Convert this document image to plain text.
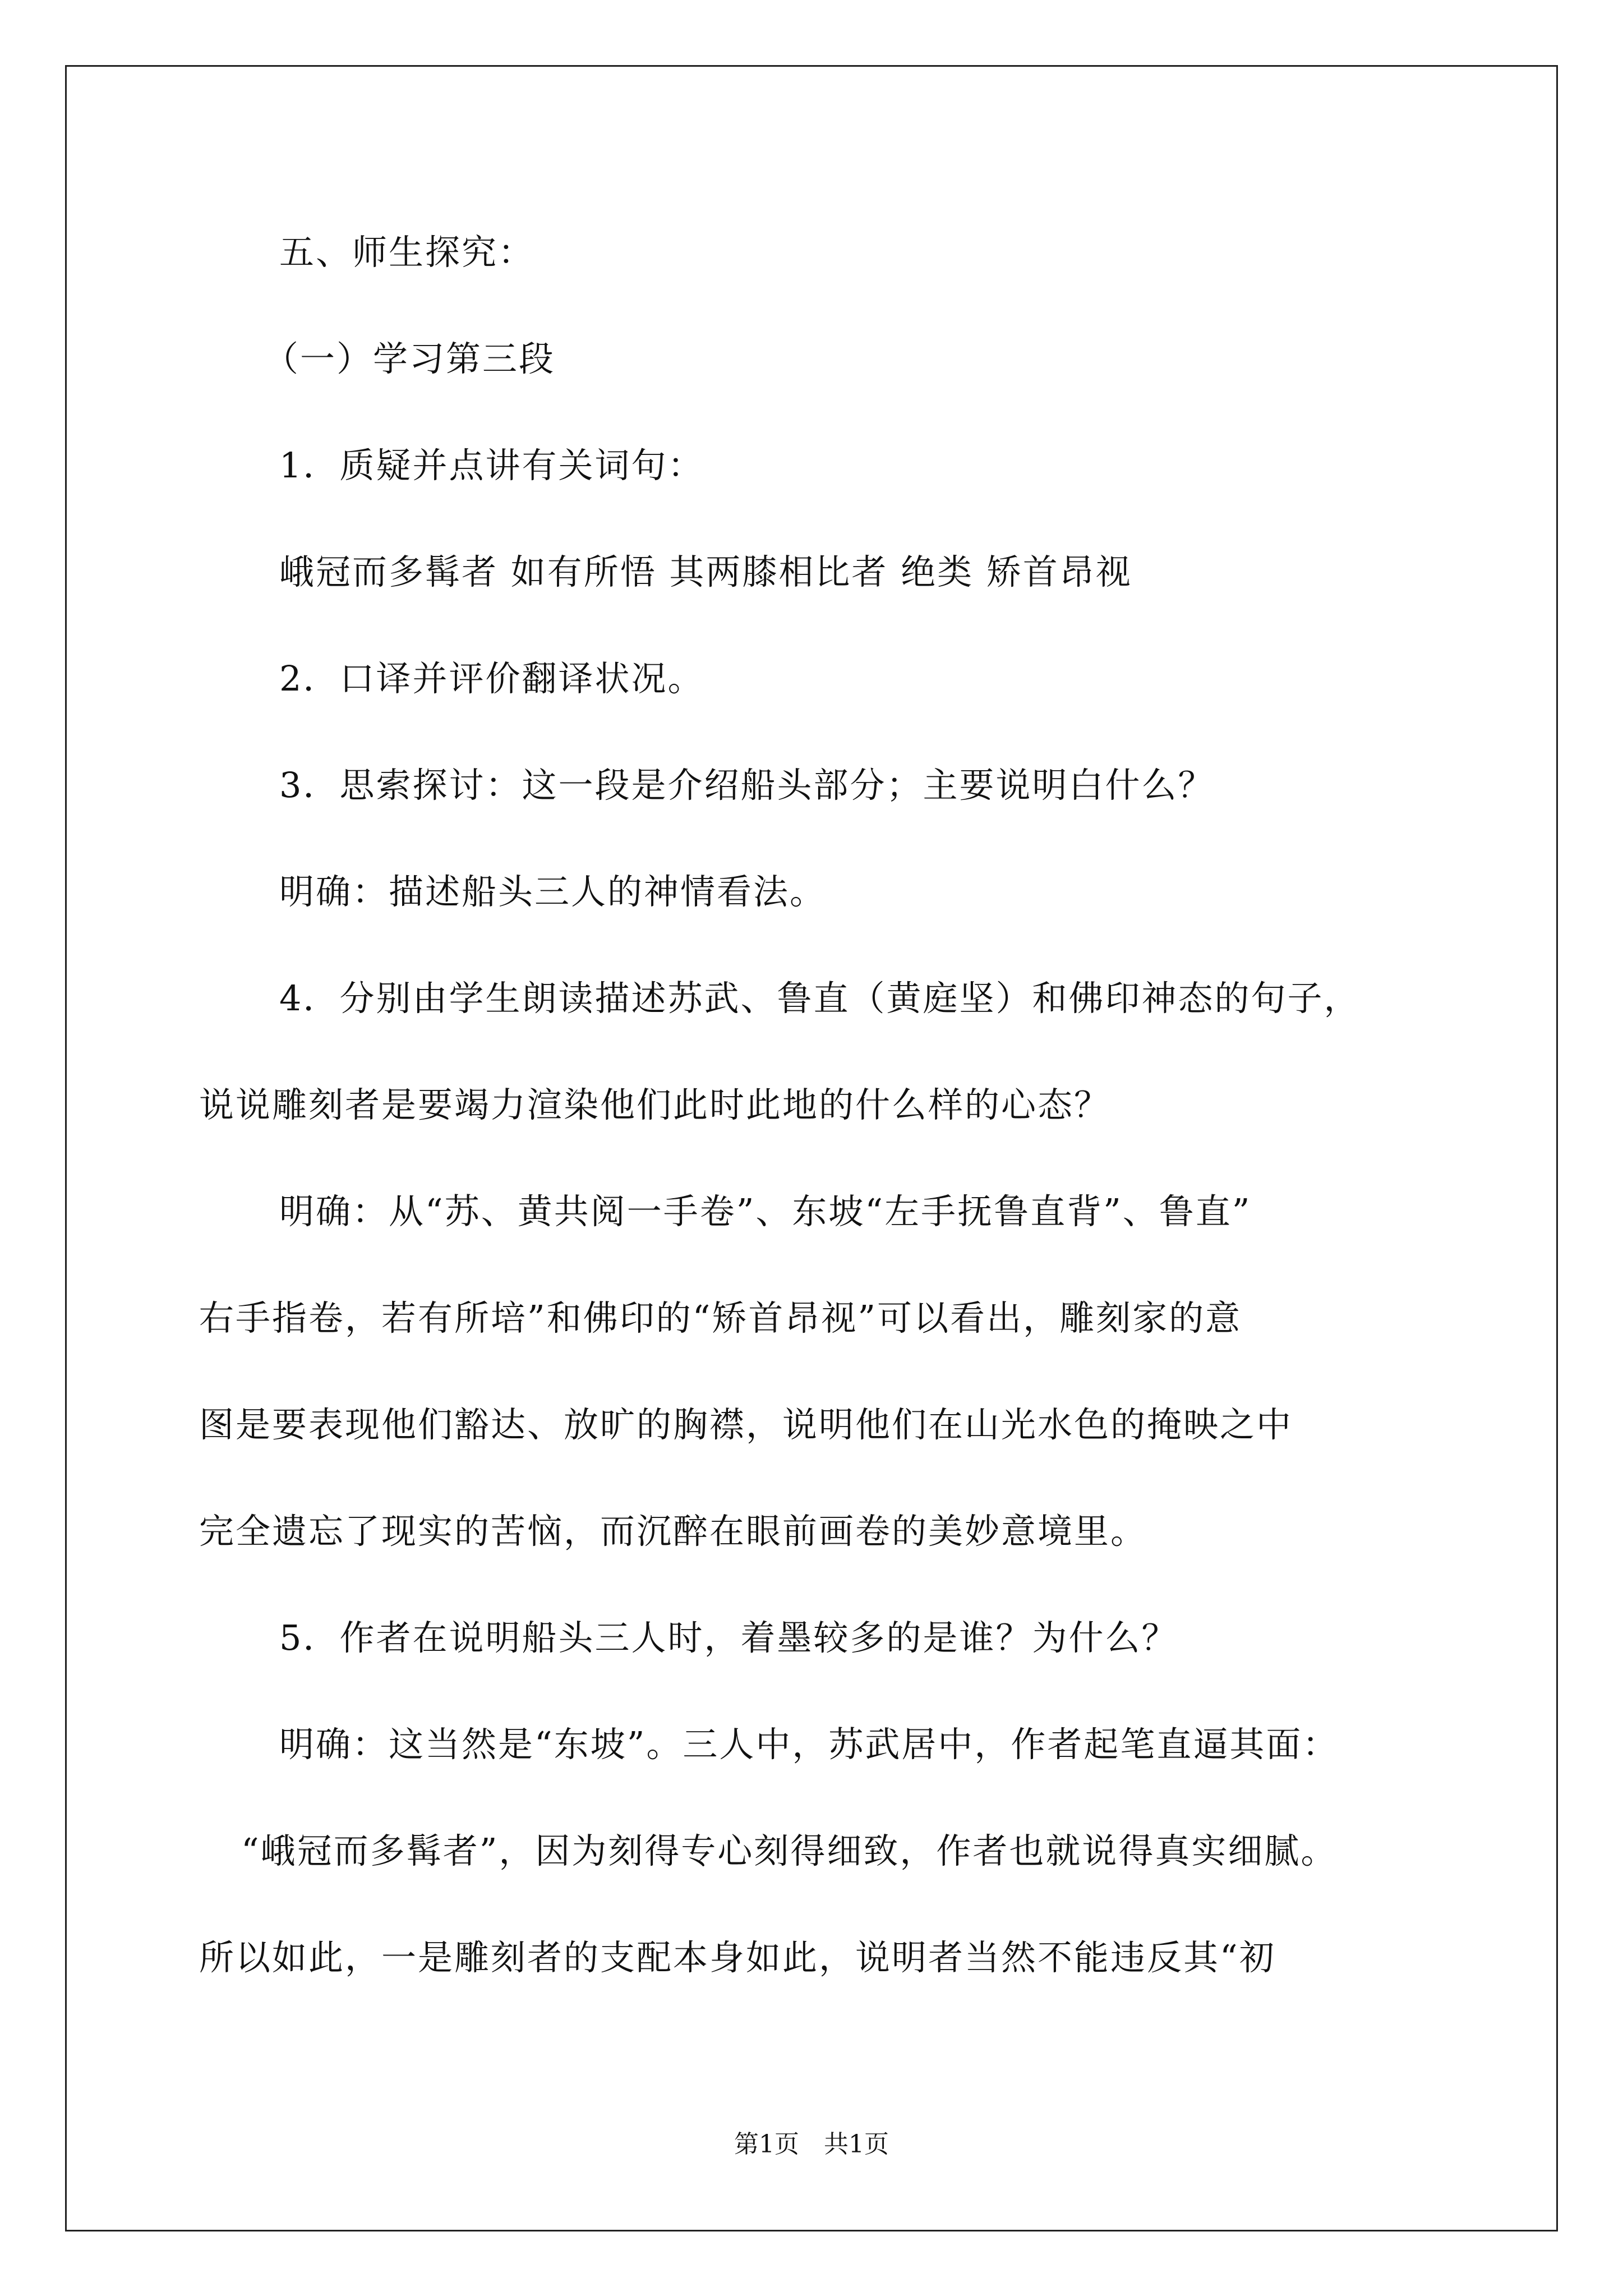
五、师生探究：

（一）学习第三段

1．质疑并点讲有关词句：

峨冠而多髯者 如有所悟 其两膝相比者 绝类 矫首昂视

2．口译并评价翻译状况。

3．思索探讨：这一段是介绍船头部分；主要说明白什么？

明确：描述船头三人的神情看法。

4．分别由学生朗读描述苏武、鲁直（黄庭坚）和佛印神态的句子，

说说雕刻者是要竭力渲染他们此时此地的什么样的心态？

明确：从“苏、黄共阅一手卷”、东坡“左手抚鲁直背”、鲁直”

右手指卷，若有所培”和佛印的“矫首昂视”可以看出，雕刻家的意

图是要表现他们豁达、放旷的胸襟，说明他们在山光水色的掩映之中

完全遗忘了现实的苦恼，而沉醉在眼前画卷的美妙意境里。

5．作者在说明船头三人时，着墨较多的是谁？为什么？

明确：这当然是“东坡”。三人中，苏武居中，作者起笔直逼其面：

“峨冠而多髯者”，因为刻得专心刻得细致，作者也就说得真实细腻。

所以如此，一是雕刻者的支配本身如此，说明者当然不能违反其“初

第1页　共1页
